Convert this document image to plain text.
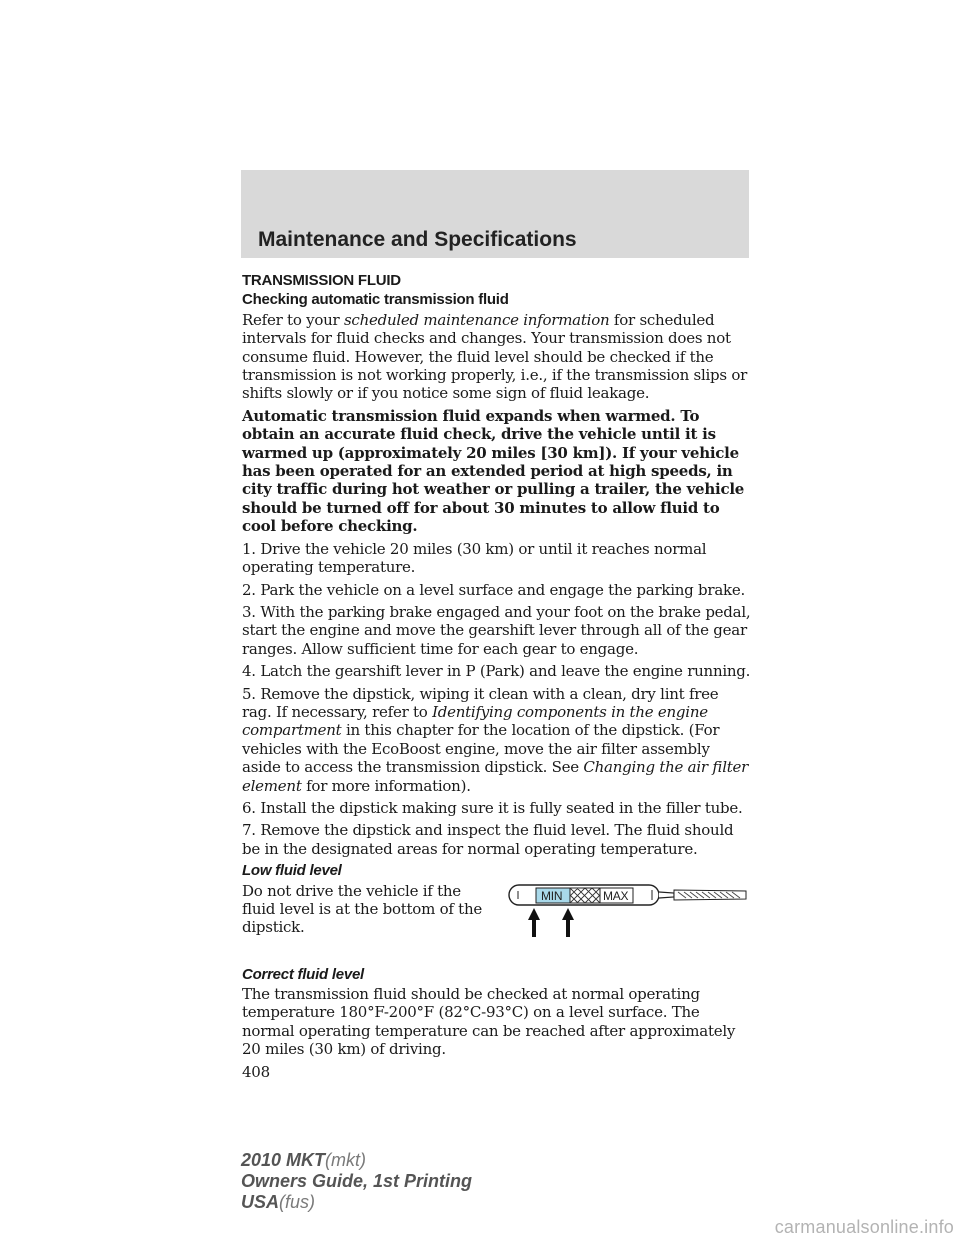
Maintenance and Specifications
TRANSMISSION FLUID
Checking automatic transmission fluid

Refer to your scheduled maintenance information for scheduled intervals for fluid checks and changes. Your transmission does not consume fluid. However, the fluid level should be checked if the transmission is not working properly, i.e., if the transmission slips or shifts slowly or if you notice some sign of fluid leakage.

Automatic transmission fluid expands when warmed. To obtain an accurate fluid check, drive the vehicle until it is warmed up (approximately 20 miles [30 km]). If your vehicle has been operated for an extended period at high speeds, in city traffic during hot weather or pulling a trailer, the vehicle should be turned off for about 30 minutes to allow fluid to cool before checking.

1. Drive the vehicle 20 miles (30 km) or until it reaches normal operating temperature.

2. Park the vehicle on a level surface and engage the parking brake.

3. With the parking brake engaged and your foot on the brake pedal, start the engine and move the gearshift lever through all of the gear ranges. Allow sufficient time for each gear to engage.

4. Latch the gearshift lever in P (Park) and leave the engine running.

5. Remove the dipstick, wiping it clean with a clean, dry lint free rag. If necessary, refer to Identifying components in the engine compartment in this chapter for the location of the dipstick. (For vehicles with the EcoBoost engine, move the air filter assembly aside to access the transmission dipstick. See Changing the air filter element for more information).

6. Install the dipstick making sure it is fully seated in the filler tube.

7. Remove the dipstick and inspect the fluid level. The fluid should be in the designated areas for normal operating temperature.

Low fluid level
Do not drive the vehicle if the fluid level is at the bottom of the dipstick.
MIN	MAX
Correct fluid level

The transmission fluid should be checked at normal operating temperature 180°F-200°F (82°C-93°C) on a level surface. The normal operating temperature can be reached after approximately 20 miles (30 km) of driving.

408
2010 MKT(mkt)
Owners Guide, 1st Printing
USA(fus)
carmanualsonline.info
